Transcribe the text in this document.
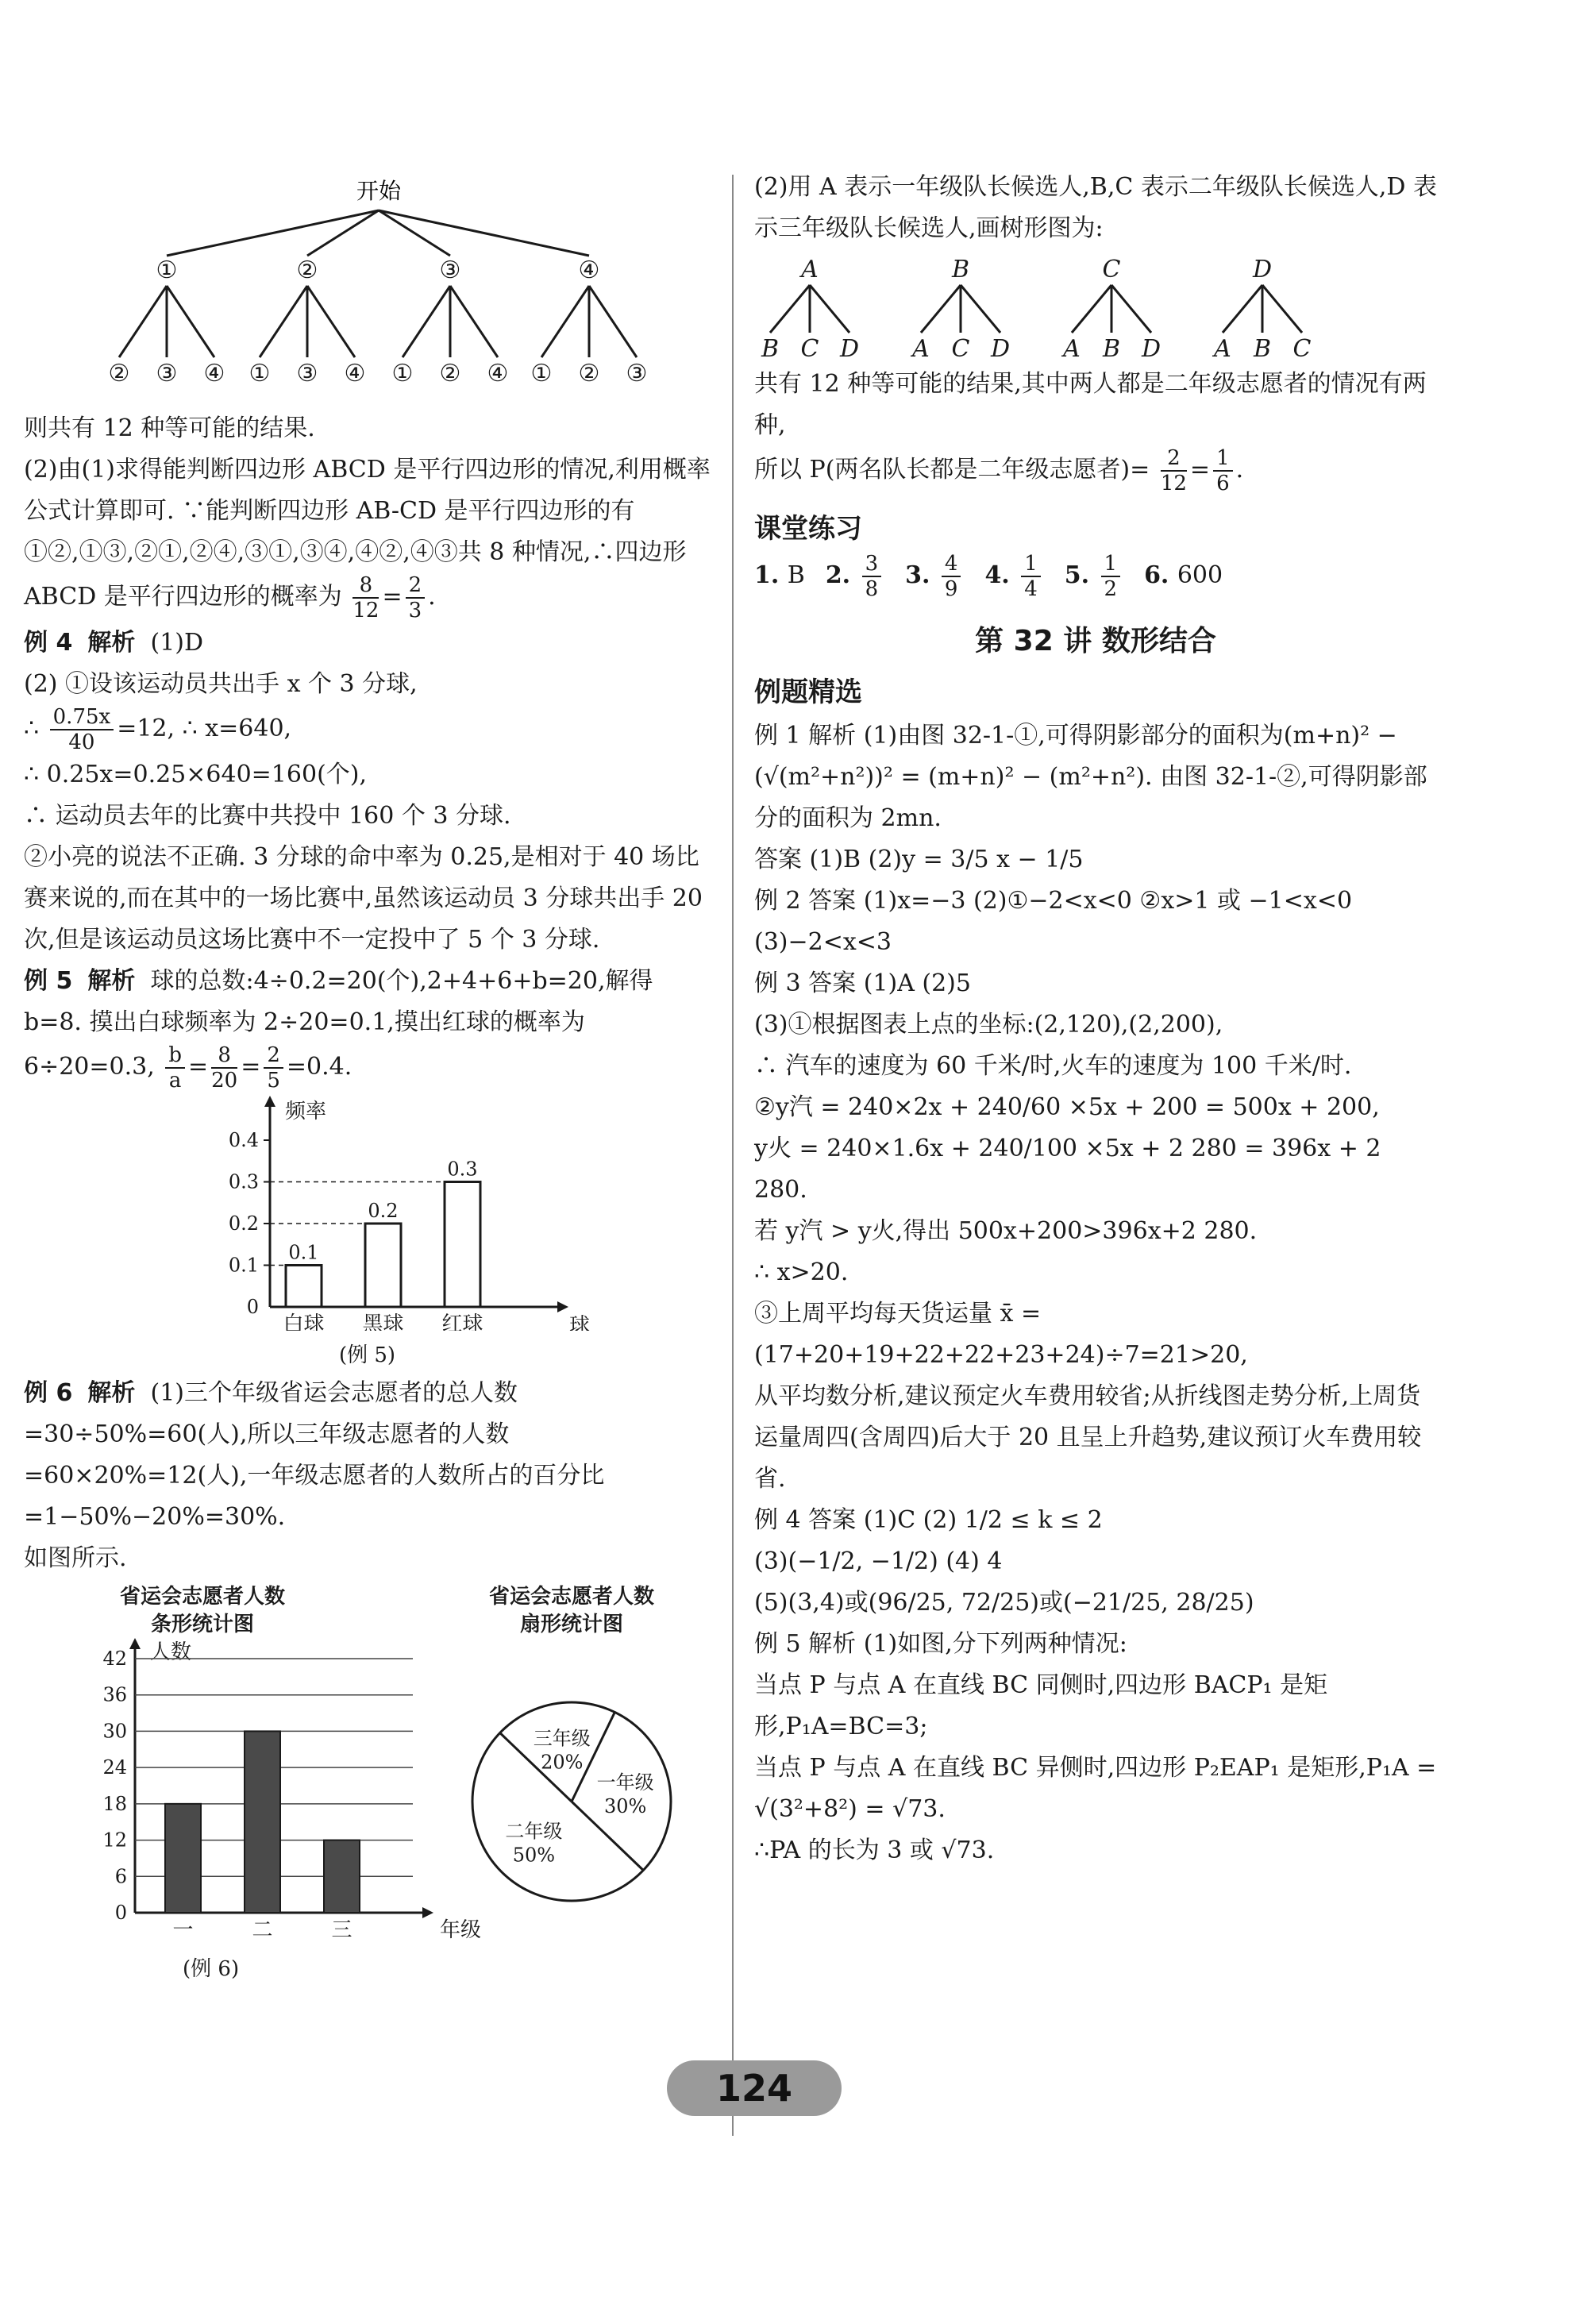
开始
①
② ③ ④
②
① ③ ④
③
① ② ④
④
① ② ③

则共有 12 种等可能的结果.

(2)由(1)求得能判断四边形 ABCD 是平行四边形的情况,利用概率公式计算即可. ∵能判断四边形 AB-CD 是平行四边形的有①②,①③,②①,②④,③①,③④,④②,④③共 8 种情况,∴四边形 ABCD 是平行四边形的概率为 $\frac{8}{12} = \frac{2}{3}$ .

例 4 解析 (1)D

(2) ①设该运动员共出手 x 个 3 分球,

∴ $\frac{0.75x}{40} =12$, ∴ x=640,

∴ 0.25x=0.25×640=160(个),

∴ 运动员去年的比赛中共投中 160 个 3 分球.

②小亮的说法不正确. 3 分球的命中率为 0.25,是相对于 40 场比赛来说的,而在其中的一场比赛中,虽然该运动员 3 分球共出手 20 次,但是该运动员这场比赛中不一定投中了 5 个 3 分球.

例 5 解析 球的总数:4÷0.2=20(个),2+4+6+b=20,解得 b=8. 摸出白球频率为 2÷20=0.1,摸出红球的概率为 6÷20=0.3, $\frac{b}{a} = \frac{8}{20} = \frac{2}{5} =0.4$.

频率
球
0
0.1
0.2
0.3
0.4
0.1
白球
0.2
黑球
0.3
红球
(例 5)

例 6 解析 (1)三个年级省运会志愿者的总人数=30÷50%=60(人),所以三年级志愿者的人数=60×20%=12(人),一年级志愿者的人数所占的百分比=1−50%−20%=30%.

如图所示.

省运会志愿者人数
条形统计图
省运会志愿者人数
扇形统计图
人数
年级
0
6
12
18
24
30
36
42
一	二	三
一年级
30%
二年级
50%
三年级
20%
(例 6)

(2)用 A 表示一年级队长候选人,B,C 表示二年级队长候选人,D 表示三年级队长候选人,画树形图为:

A
B C D
B
A C D
C
A B D
D
A B C

共有 12 种等可能的结果,其中两人都是二年级志愿者的情况有两种,

所以 P(两名队长都是二年级志愿者)= $\frac{2}{12} = \frac{1}{6}$ .

课堂练习
1. B 2. $\frac{3}{8} 3$. $\frac{4}{9} 4$. $\frac{1}{4} 5$. $\frac{1}{2} 6$. 600
第 32 讲 数形结合
例题精选

例 1 解析 (1)由图 32-1-①,可得阴影部分的面积为(m+n)² − (√(m²+n²))² = (m+n)² − (m²+n²). 由图 32-1-②,可得阴影部分的面积为 2mn.

答案 (1)B (2)y = 3/5 x − 1/5

例 2 答案 (1)x=−3 (2)①−2<x<0 ②x>1 或 −1<x<0 (3)−2<x<3

例 3 答案 (1)A (2)5

(3)①根据图表上点的坐标:(2,120),(2,200),

∴ 汽车的速度为 60 千米/时,火车的速度为 100 千米/时.

②y汽 = 240×2x + 240/60 ×5x + 200 = 500x + 200,

y火 = 240×1.6x + 240/100 ×5x + 2 280 = 396x + 2 280.

若 y汽 > y火,得出 500x+200>396x+2 280.

∴ x>20.

③上周平均每天货运量 x̄ =(17+20+19+22+22+23+24)÷7=21>20,

从平均数分析,建议预定火车费用较省;从折线图走势分析,上周货运量周四(含周四)后大于 20 且呈上升趋势,建议预订火车费用较省.

例 4 答案 (1)C (2) 1/2 ≤ k ≤ 2

(3)(−1/2, −1/2) (4) 4

(5)(3,4)或(96/25, 72/25)或(−21/25, 28/25)

例 5 解析 (1)如图,分下列两种情况:

当点 P 与点 A 在直线 BC 同侧时,四边形 BACP₁ 是矩形,P₁A=BC=3;

当点 P 与点 A 在直线 BC 异侧时,四边形 P₂EAP₁ 是矩形,P₁A = √(3²+8²) = √73.

∴PA 的长为 3 或 √73.

124
